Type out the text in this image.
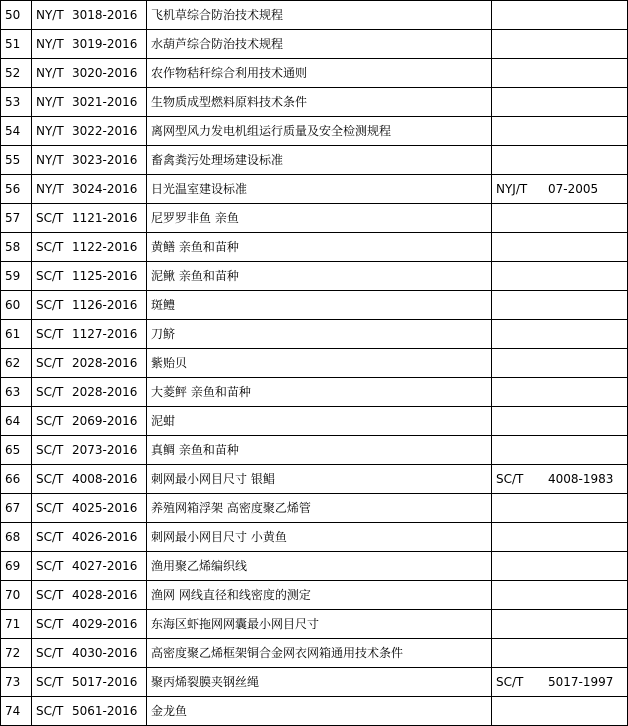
50	NY/T 3018-2016	飞机草综合防治技术规程	
51	NY/T 3019-2016	水葫芦综合防治技术规程	
52	NY/T 3020-2016	农作物秸秆综合利用技术通则	
53	NY/T 3021-2016	生物质成型燃料原料技术条件	
54	NY/T 3022-2016	离网型风力发电机组运行质量及安全检测规程	
55	NY/T 3023-2016	畜禽粪污处理场建设标准	
56	NY/T 3024-2016	日光温室建设标准	NYJ/T 07-2005
57	SC/T 1121-2016	尼罗罗非鱼 亲鱼	
58	SC/T 1122-2016	黄鳝 亲鱼和苗种	
59	SC/T 1125-2016	泥鳅 亲鱼和苗种	
60	SC/T 1126-2016	斑鳢	
61	SC/T 1127-2016	刀鲚	
62	SC/T 2028-2016	紫贻贝	
63	SC/T 2028-2016	大菱鲆 亲鱼和苗种	
64	SC/T 2069-2016	泥蚶	
65	SC/T 2073-2016	真鲷 亲鱼和苗种	
66	SC/T 4008-2016	刺网最小网目尺寸 银鲳	SC/T 4008-1983
67	SC/T 4025-2016	养殖网箱浮架 高密度聚乙烯管	
68	SC/T 4026-2016	刺网最小网目尺寸 小黄鱼	
69	SC/T 4027-2016	渔用聚乙烯编织线	
70	SC/T 4028-2016	渔网 网线直径和线密度的测定	
71	SC/T 4029-2016	东海区虾拖网网囊最小网目尺寸	
72	SC/T 4030-2016	高密度聚乙烯框架铜合金网衣网箱通用技术条件	
73	SC/T 5017-2016	聚丙烯裂膜夹钢丝绳	SC/T 5017-1997
74	SC/T 5061-2016	金龙鱼	
